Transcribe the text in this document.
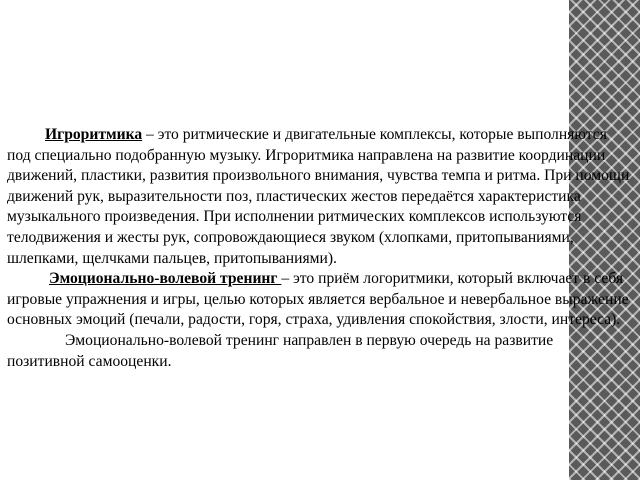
Игроритмика – это ритмические и двигательные комплексы, которые выполняются под специально подобранную музыку. Игроритмика направлена на развитие координации движений, пластики, развития произвольного внимания, чувства темпа и ритма. При помощи движений рук, выразительности поз, пластических жестов передаётся характеристика музыкального произведения. При исполнении ритмических комплексов используются телодвижения и жесты рук, сопровождающиеся звуком (хлопками, притопываниями, шлепками, щелчками пальцев, притопываниями).

Эмоционально-волевой тренинг – это приём логоритмики, который включает в себя игровые упражнения и игры, целью которых является вербальное и невербальное выражение основных эмоций (печали, радости, горя, страха, удивления спокойствия, злости, интереса).

Эмоционально-волевой тренинг направлен в первую очередь на развитие позитивной самооценки.
